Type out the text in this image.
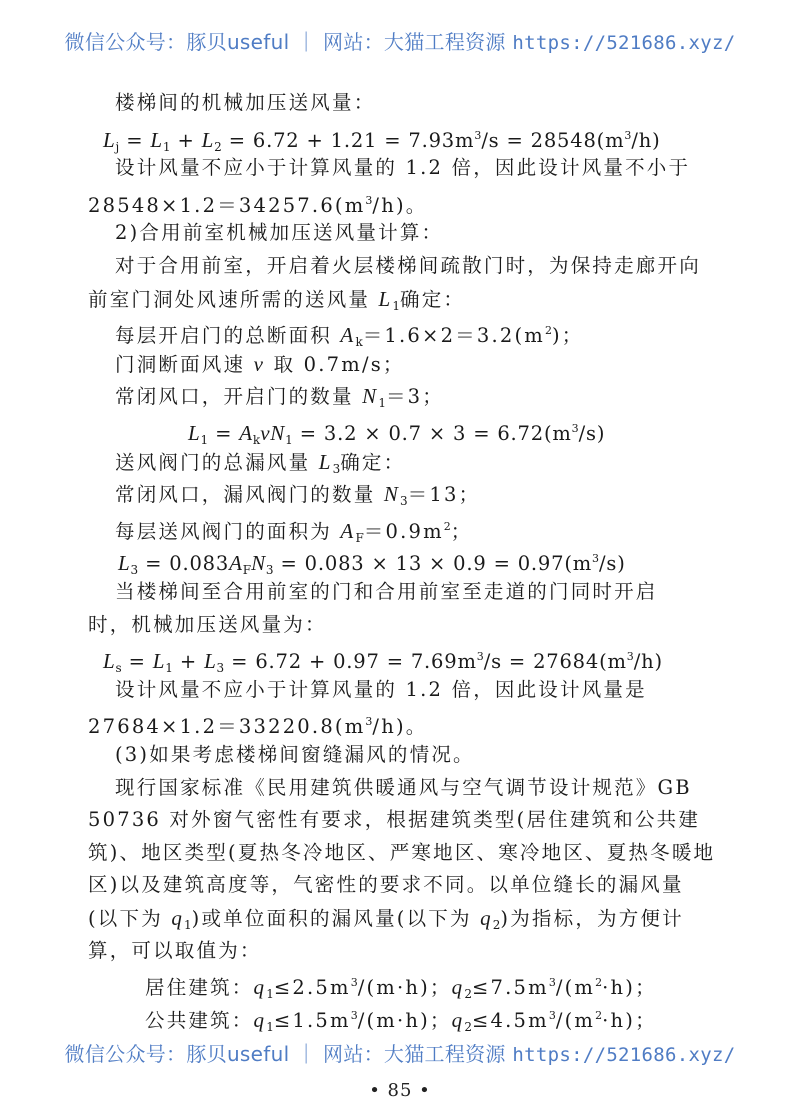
微信公众号：豚贝useful ｜ 网站：大猫工程资源 https://521686.xyz/
楼梯间的机械加压送风量：
$L_j = L_1 + L_2 = 6.72 + 1.21 = 7.93m^3/s = 28548(m^3/h)$
设计风量不应小于计算风量的 1.2 倍，因此设计风量不小于
$28548\times 1.2=34257.6(m^3/h)$。
2)合用前室机械加压送风量计算：
对于合用前室，开启着火层楼梯间疏散门时，为保持走廊开向
前室门洞处风速所需的送风量 $L_1$确定：
每层开启门的总断面积 $A_k=1.6\times 2=3.2(m^2)$；
门洞断面风速 v 取 0.7m/s；
常闭风口，开启门的数量 $N_1=3$；
$L_1 = A_kvN_1 = 3.2 \times 0.7 \times 3 = 6.72(m^3/s)$
送风阀门的总漏风量 $L_3$确定：
常闭风口，漏风阀门的数量 $N_3=13$；
每层送风阀门的面积为 $A_F=0.9m^2$；
$L_3 = 0.083A_FN_3 = 0.083 \times 13 \times 0.9 = 0.97(m^3/s)$
当楼梯间至合用前室的门和合用前室至走道的门同时开启
时，机械加压送风量为：
$L_s = L_1 + L_3 = 6.72 + 0.97 = 7.69m^3/s = 27684(m^3/h)$
设计风量不应小于计算风量的 1.2 倍，因此设计风量是
$27684\times 1.2=33220.8(m^3/h)$。
(3)如果考虑楼梯间窗缝漏风的情况。
现行国家标准《民用建筑供暖通风与空气调节设计规范》GB
50736 对外窗气密性有要求，根据建筑类型(居住建筑和公共建
筑)、地区类型(夏热冬冷地区、严寒地区、寒冷地区、夏热冬暖地
区)以及建筑高度等，气密性的要求不同。以单位缝长的漏风量
(以下为 $q_1$)或单位面积的漏风量(以下为 $q_2$)为指标，为方便计
算，可以取值为：
居住建筑：$q_1\le 2.5m^3/(m\cdot h)$；$q_2\le 7.5m^3/(m^2\cdot h)$；
公共建筑：$q_1\le 1.5m^3/(m\cdot h)$；$q_2\le 4.5m^3/(m^2\cdot h)$；
微信公众号：豚贝useful ｜ 网站：大猫工程资源 https://521686.xyz/
• 85 •
